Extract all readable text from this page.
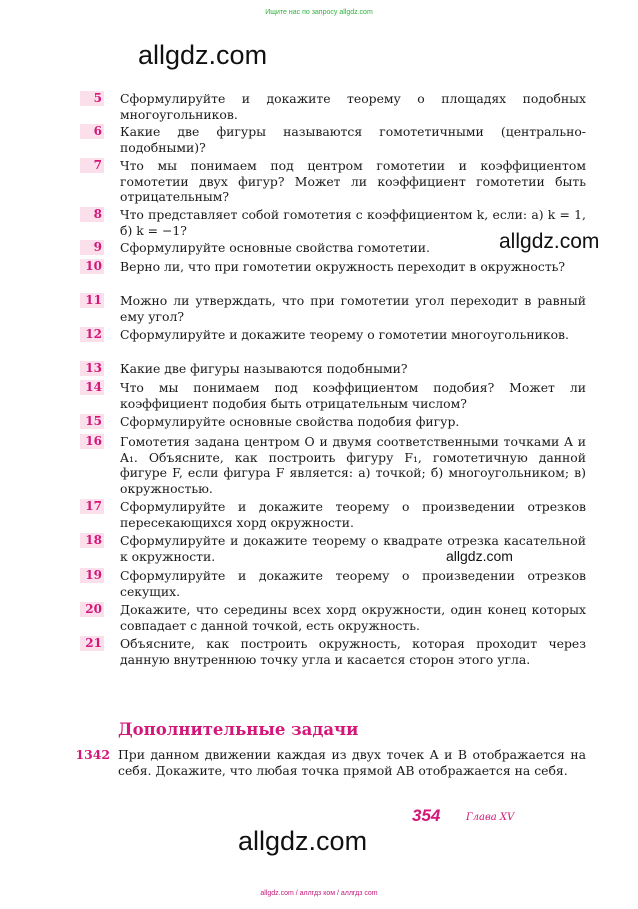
Ищите нас по запросу allgdz.com
allgdz.com
allgdz.com
allgdz.com
allgdz.com
5 Сформулируйте и докажите теорему о площадях подобных многоугольников.
6 Какие две фигуры называются гомотетичными (центрально-подобными)?
7 Что мы понимаем под центром гомотетии и коэффициентом гомотетии двух фигур? Может ли коэффициент гомотетии быть отрицательным?
8 Что представляет собой гомотетия с коэффициентом k, если: а) k = 1, б) k = −1?
9 Сформулируйте основные свойства гомотетии.
10 Верно ли, что при гомотетии окружность переходит в окружность?
11 Можно ли утверждать, что при гомотетии угол переходит в равный ему угол?
12 Сформулируйте и докажите теорему о гомотетии многоугольников.
13 Какие две фигуры называются подобными?
14 Что мы понимаем под коэффициентом подобия? Может ли коэффициент подобия быть отрицательным числом?
15 Сформулируйте основные свойства подобия фигур.
16 Гомотетия задана центром O и двумя соответственными точками A и A₁. Объясните, как построить фигуру F₁, гомотетичную данной фигуре F, если фигура F является: а) точкой; б) многоугольником; в) окружностью.
17 Сформулируйте и докажите теорему о произведении отрезков пересекающихся хорд окружности.
18 Сформулируйте и докажите теорему о квадрате отрезка касательной к окружности.
19 Сформулируйте и докажите теорему о произведении отрезков секущих.
20 Докажите, что середины всех хорд окружности, один конец которых совпадает с данной точкой, есть окружность.
21 Объясните, как построить окружность, которая проходит через данную внутреннюю точку угла и касается сторон этого угла.
Дополнительные задачи
1342 При данном движении каждая из двух точек A и B отображается на себя. Докажите, что любая точка прямой AB отображается на себя.
354	Глава XV
allgdz.com / аллгдз ком / аллгдз com
